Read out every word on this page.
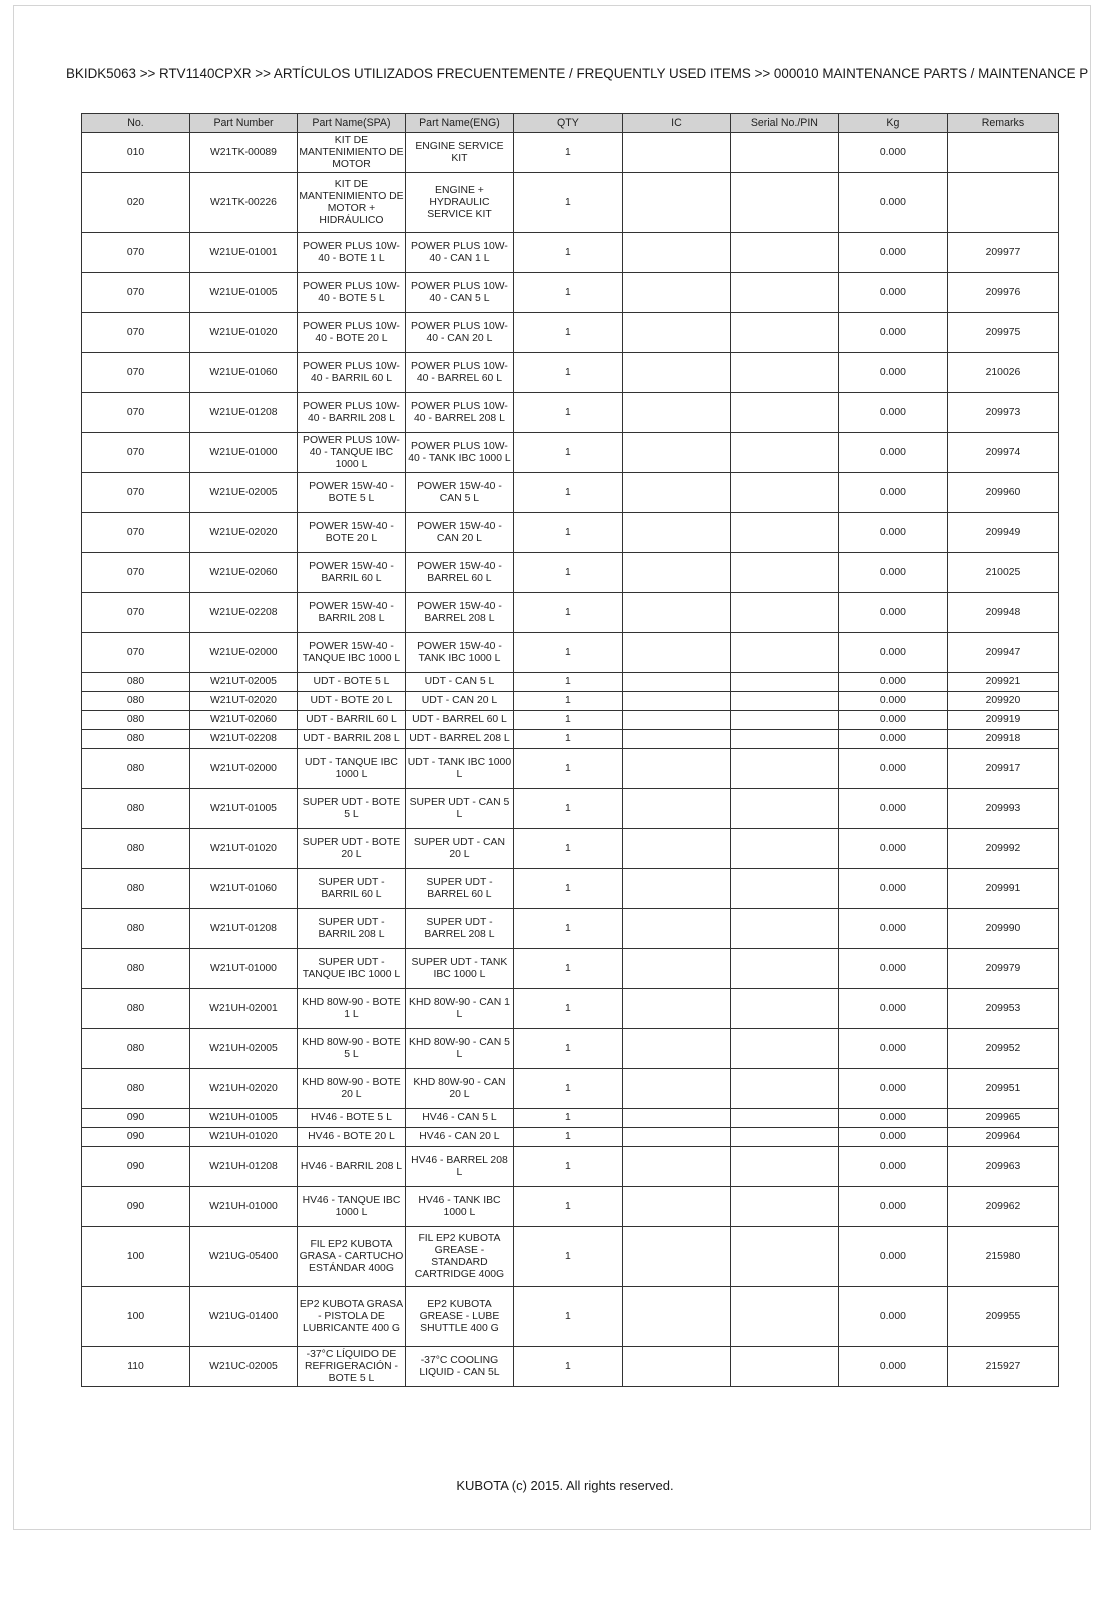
BKIDK5063 >> RTV1140CPXR >> ARTÍCULOS UTILIZADOS FRECUENTEMENTE / FREQUENTLY USED ITEMS >> 000010 MAINTENANCE PARTS / MAINTENANCE P
No.	Part Number	Part Name(SPA)	Part Name(ENG)	QTY	IC	Serial No./PIN	Kg	Remarks
010	W21TK-00089	KIT DE MANTENIMIENTO DE MOTOR	ENGINE SERVICE KIT	1			0.000	
020	W21TK-00226	KIT DE MANTENIMIENTO DE MOTOR + HIDRÁULICO	ENGINE + HYDRAULIC SERVICE KIT	1			0.000	
070	W21UE-01001	POWER PLUS 10W-40 - BOTE 1 L	POWER PLUS 10W-40 - CAN 1 L	1			0.000	209977
070	W21UE-01005	POWER PLUS 10W-40 - BOTE 5 L	POWER PLUS 10W-40 - CAN 5 L	1			0.000	209976
070	W21UE-01020	POWER PLUS 10W-40 - BOTE 20 L	POWER PLUS 10W-40 - CAN 20 L	1			0.000	209975
070	W21UE-01060	POWER PLUS 10W-40 - BARRIL 60 L	POWER PLUS 10W-40 - BARREL 60 L	1			0.000	210026
070	W21UE-01208	POWER PLUS 10W-40 - BARRIL 208 L	POWER PLUS 10W-40 - BARREL 208 L	1			0.000	209973
070	W21UE-01000	POWER PLUS 10W-40 - TANQUE IBC 1000 L	POWER PLUS 10W-40 - TANK IBC 1000 L	1			0.000	209974
070	W21UE-02005	POWER 15W-40 - BOTE 5 L	POWER 15W-40 - CAN 5 L	1			0.000	209960
070	W21UE-02020	POWER 15W-40 - BOTE 20 L	POWER 15W-40 - CAN 20 L	1			0.000	209949
070	W21UE-02060	POWER 15W-40 - BARRIL 60 L	POWER 15W-40 - BARREL 60 L	1			0.000	210025
070	W21UE-02208	POWER 15W-40 - BARRIL 208 L	POWER 15W-40 - BARREL 208 L	1			0.000	209948
070	W21UE-02000	POWER 15W-40 - TANQUE IBC 1000 L	POWER 15W-40 - TANK IBC 1000 L	1			0.000	209947
080	W21UT-02005	UDT - BOTE 5 L	UDT - CAN 5 L	1			0.000	209921
080	W21UT-02020	UDT - BOTE 20 L	UDT - CAN 20 L	1			0.000	209920
080	W21UT-02060	UDT - BARRIL 60 L	UDT - BARREL 60 L	1			0.000	209919
080	W21UT-02208	UDT - BARRIL 208 L	UDT - BARREL 208 L	1			0.000	209918
080	W21UT-02000	UDT - TANQUE IBC 1000 L	UDT - TANK IBC 1000 L	1			0.000	209917
080	W21UT-01005	SUPER UDT - BOTE 5 L	SUPER UDT - CAN 5 L	1			0.000	209993
080	W21UT-01020	SUPER UDT - BOTE 20 L	SUPER UDT - CAN 20 L	1			0.000	209992
080	W21UT-01060	SUPER UDT - BARRIL 60 L	SUPER UDT - BARREL 60 L	1			0.000	209991
080	W21UT-01208	SUPER UDT - BARRIL 208 L	SUPER UDT - BARREL 208 L	1			0.000	209990
080	W21UT-01000	SUPER UDT - TANQUE IBC 1000 L	SUPER UDT - TANK IBC 1000 L	1			0.000	209979
080	W21UH-02001	KHD 80W-90 - BOTE 1 L	KHD 80W-90 - CAN 1 L	1			0.000	209953
080	W21UH-02005	KHD 80W-90 - BOTE 5 L	KHD 80W-90 - CAN 5 L	1			0.000	209952
080	W21UH-02020	KHD 80W-90 - BOTE 20 L	KHD 80W-90 - CAN 20 L	1			0.000	209951
090	W21UH-01005	HV46 - BOTE 5 L	HV46 - CAN 5 L	1			0.000	209965
090	W21UH-01020	HV46 - BOTE 20 L	HV46 - CAN 20 L	1			0.000	209964
090	W21UH-01208	HV46 - BARRIL 208 L	HV46 - BARREL 208 L	1			0.000	209963
090	W21UH-01000	HV46 - TANQUE IBC 1000 L	HV46 - TANK IBC 1000 L	1			0.000	209962
100	W21UG-05400	FIL EP2 KUBOTA GRASA - CARTUCHO ESTÁNDAR 400G	FIL EP2 KUBOTA GREASE - STANDARD CARTRIDGE 400G	1			0.000	215980
100	W21UG-01400	EP2 KUBOTA GRASA - PISTOLA DE LUBRICANTE 400 G	EP2 KUBOTA GREASE - LUBE SHUTTLE 400 G	1			0.000	209955
110	W21UC-02005	-37°C LÍQUIDO DE REFRIGERACIÓN - BOTE 5 L	-37°C COOLING LIQUID - CAN 5L	1			0.000	215927
KUBOTA (c) 2015. All rights reserved.
